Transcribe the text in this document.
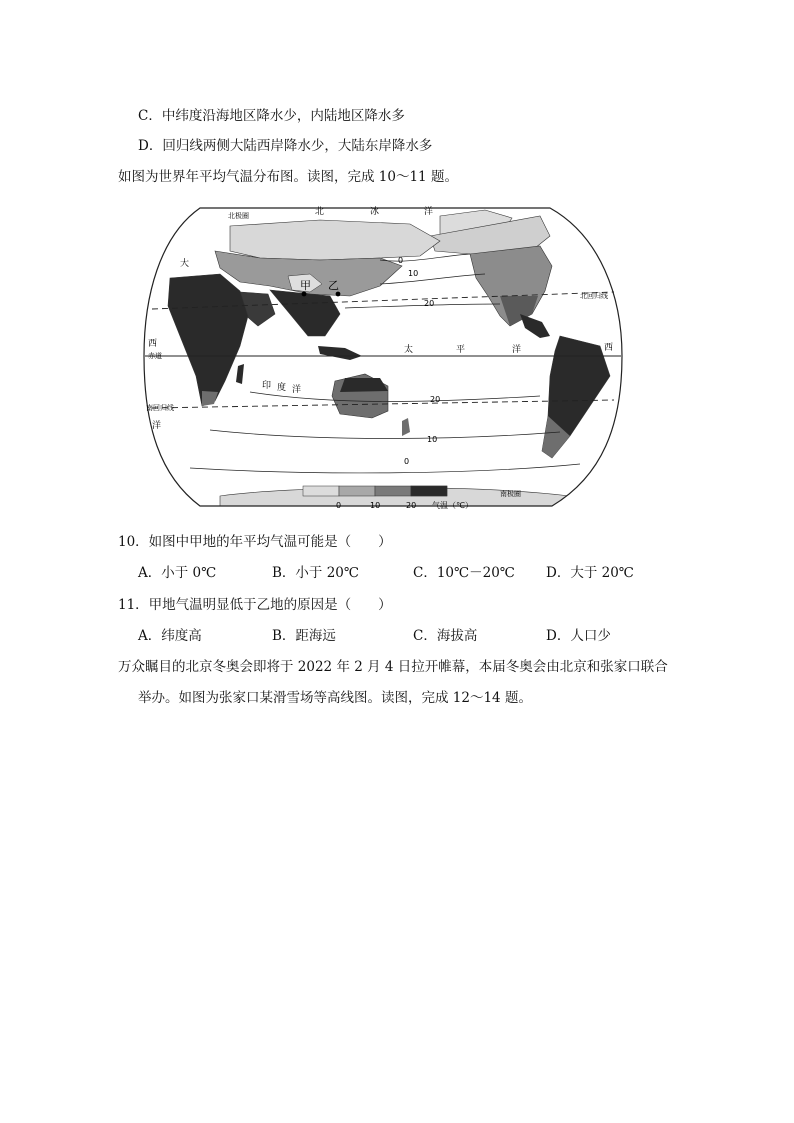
C．中纬度沿海地区降水少，内陆地区降水多
D．回归线两侧大陆西岸降水少，大陆东岸降水多
如图为世界年平均气温分布图。读图，完成 10～11 题。
0
10
20
20
10
0
北极圈	北	冰	洋
大
西
赤道
南回归线
洋
印 度 洋
太	平	洋	西
北回归线
南极圈
甲 乙
0	10	20 气温（℃）
10．如图中甲地的年平均气温可能是（　　）
A．小于 0℃	B．小于 20℃	C．10℃－20℃ D．大于 20℃
11．甲地气温明显低于乙地的原因是（　　）
A．纬度高	B．距海远	C．海拔高	D．人口少
万众瞩目的北京冬奥会即将于 2022 年 2 月 4 日拉开帷幕，本届冬奥会由北京和张家口联合
举办。如图为张家口某滑雪场等高线图。读图，完成 12～14 题。
